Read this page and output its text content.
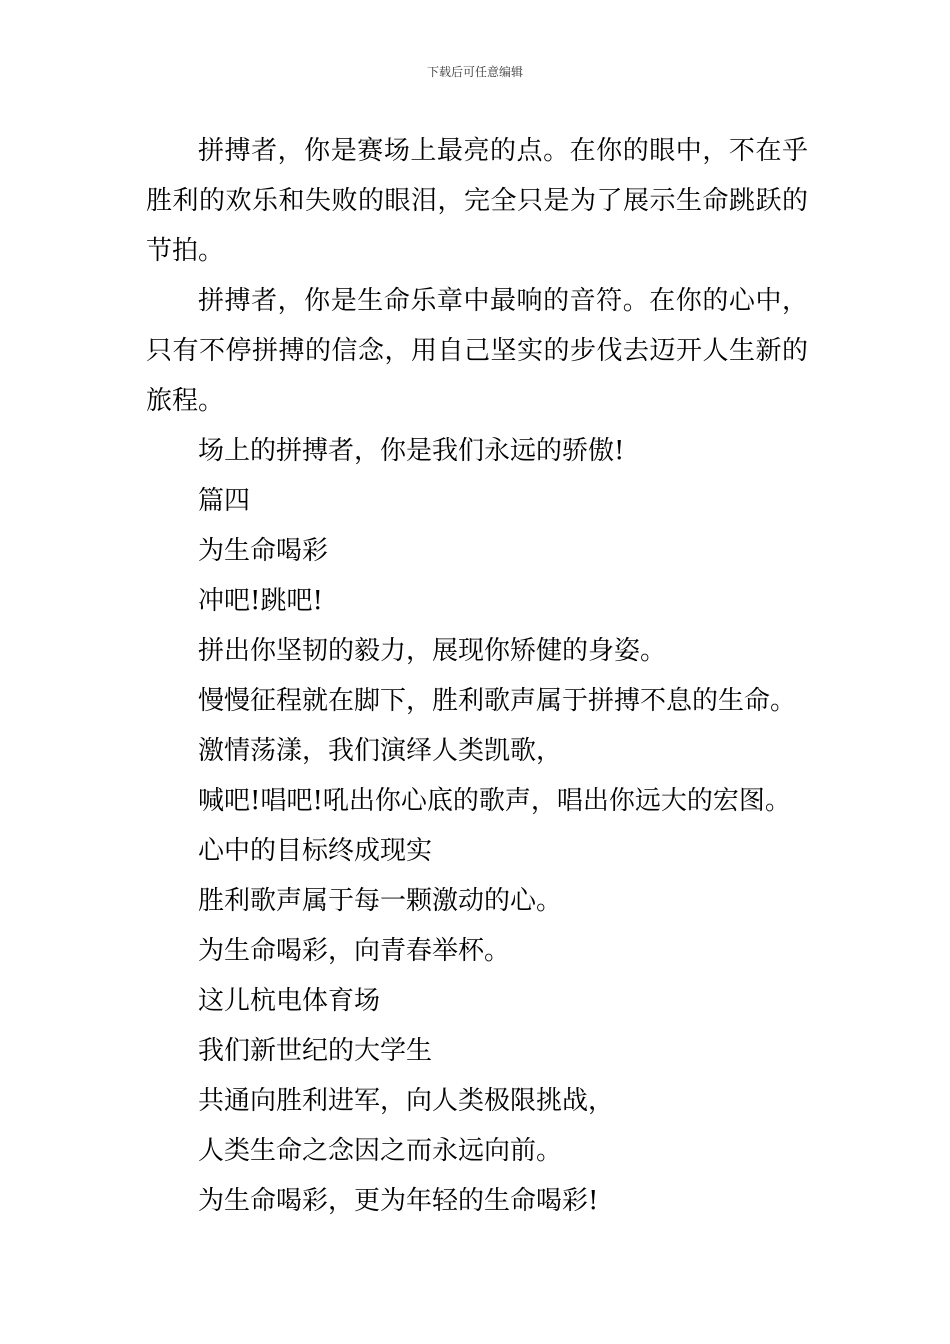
下载后可任意编辑

拼搏者，你是赛场上最亮的点。在你的眼中，不在乎胜利的欢乐和失败的眼泪，完全只是为了展示生命跳跃的节拍。

拼搏者，你是生命乐章中最响的音符。在你的心中，只有不停拼搏的信念，用自己坚实的步伐去迈开人生新的旅程。

场上的拼搏者，你是我们永远的骄傲!

篇四

为生命喝彩

冲吧!跳吧!

拼出你坚韧的毅力，展现你矫健的身姿。

慢慢征程就在脚下，胜利歌声属于拼搏不息的生命。

激情荡漾，我们演绎人类凯歌，

喊吧!唱吧!吼出你心底的歌声，唱出你远大的宏图。

心中的目标终成现实

胜利歌声属于每一颗激动的心。

为生命喝彩，向青春举杯。

这儿杭电体育场

我们新世纪的大学生

共通向胜利进军，向人类极限挑战，

人类生命之念因之而永远向前。

为生命喝彩，更为年轻的生命喝彩!
